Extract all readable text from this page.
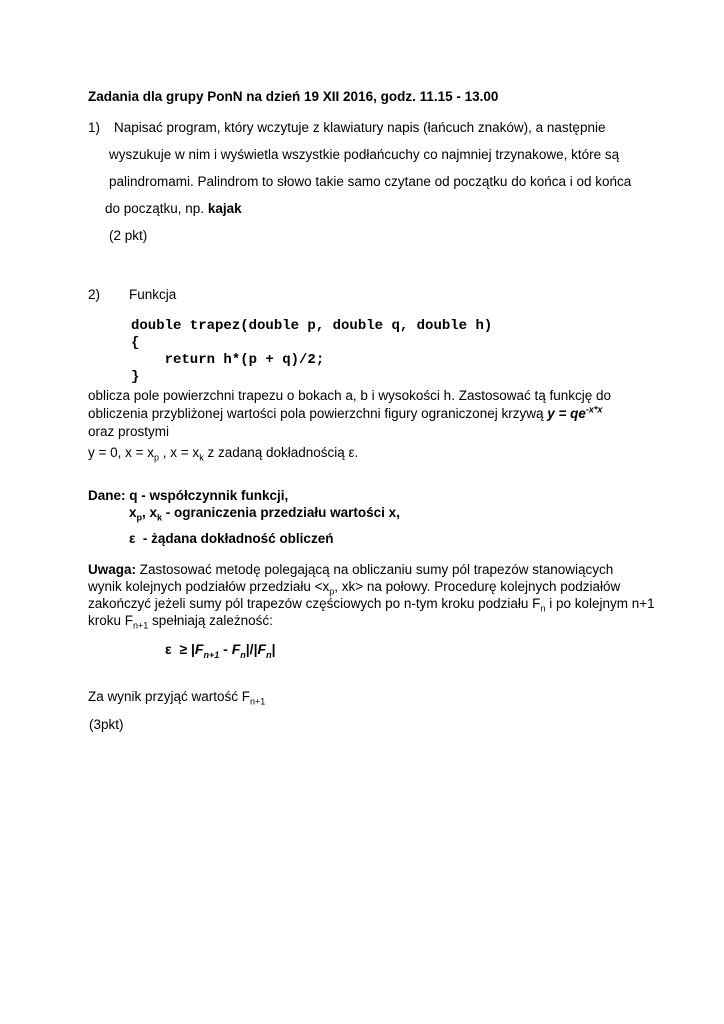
Zadania dla grupy PonN na dzień 19 XII 2016, godz. 11.15 - 13.00
1) Napisać program, który wczytuje z klawiatury napis (łańcuch znaków), a następnie
wyszukuje w nim i wyświetla wszystkie podłańcuchy co najmniej trzynakowe, które są
palindromami. Palindrom to słowo takie samo czytane od początku do końca i od końca
do początku, np. kajak
(2 pkt)
2) Funkcja
double trapez(double p, double q, double h)
{
return h*(p + q)/2;
}
oblicza pole powierzchni trapezu o bokach a, b i wysokości h. Zastosować tą funkcję do
obliczenia przybliżonej wartości pola powierzchni figury ograniczonej krzywą $y = qe^{-x*x}$
oraz prostymi
y = 0, $x = x_p$ , $x = x_k$ z zadaną dokładnością ε.
Dane: q - współczynnik funkcji,
$x_p$, $x_k$ - ograniczenia przedziału wartości x,
ε  - żądana dokładność obliczeń
Uwaga: Zastosować metodę polegającą na obliczaniu sumy pól trapezów stanowiących
wynik kolejnych podziałów przedziału $<x_p$, xk> na połowy. Procedurę kolejnych podziałów
zakończyć jeżeli sumy pól trapezów częściowych po n-tym kroku podziału $F_n$ i po kolejnym n+1
kroku $F_{n+1}$ spełniają zależność:
$\varepsilon \ge |F_{n+1} - F_n|/|F_n|$
Za wynik przyjąć wartość $F_{n+1}$
(3pkt)
